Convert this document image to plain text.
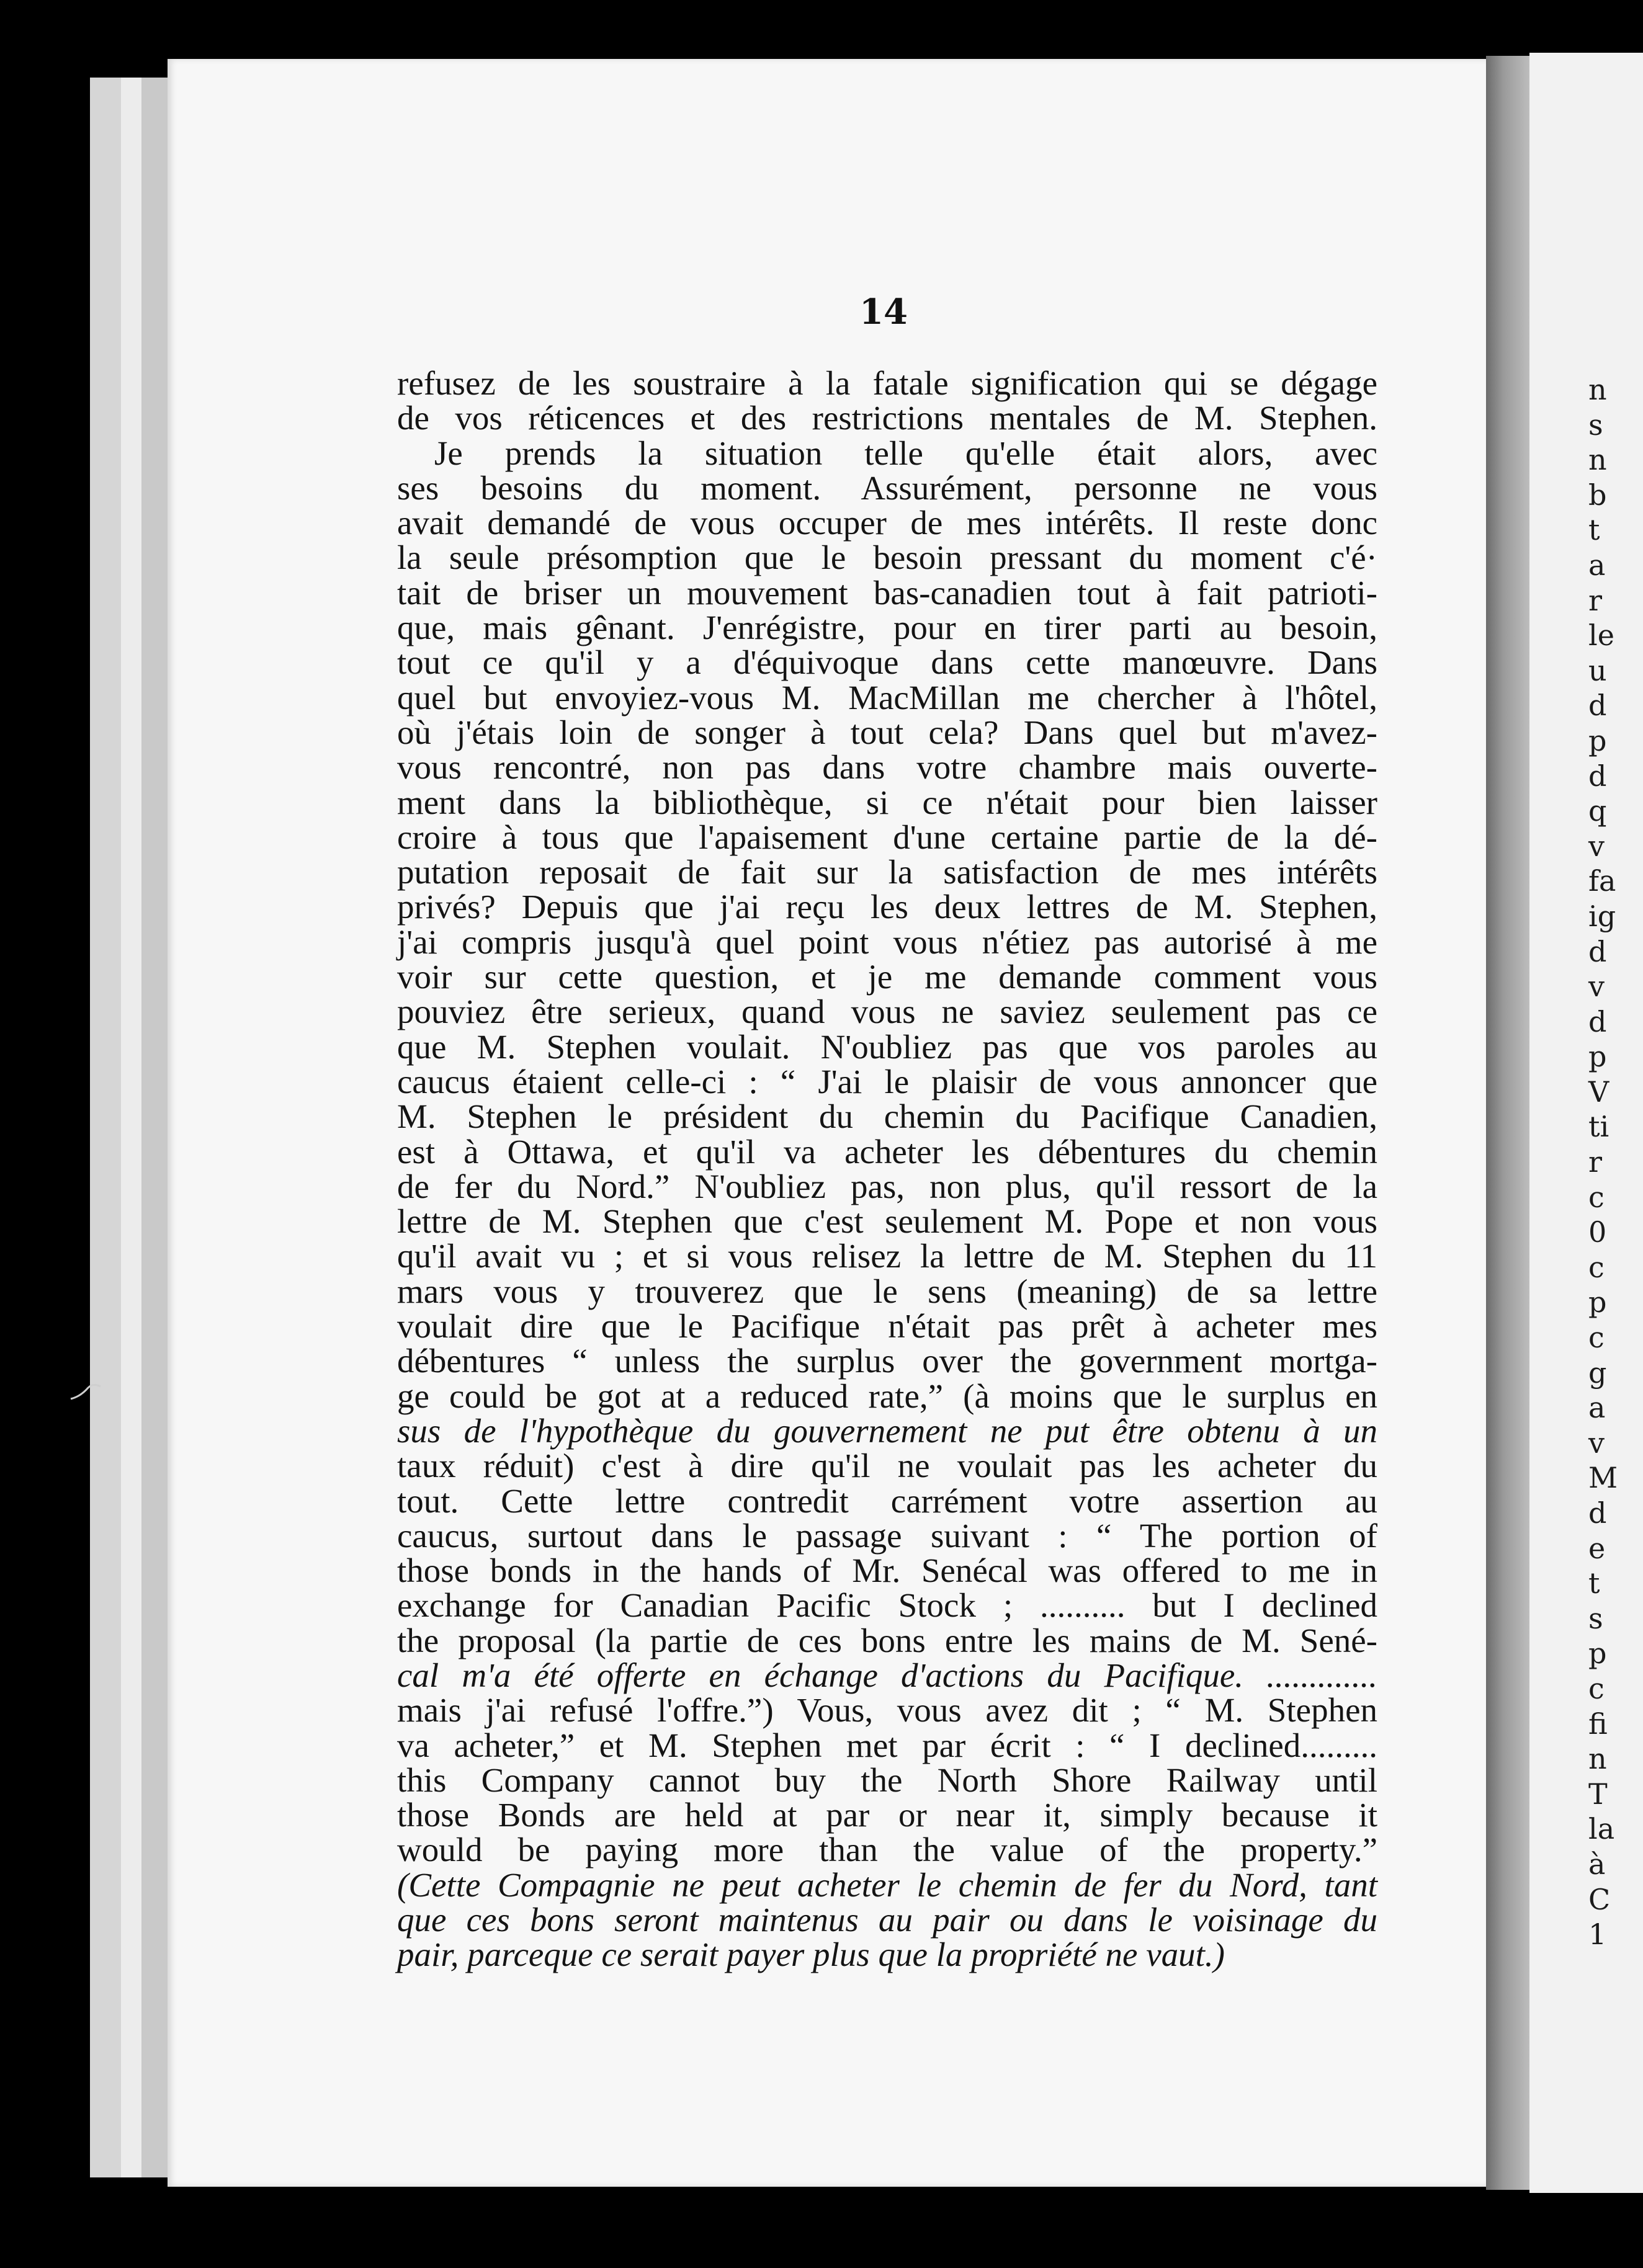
n
s
n
b
t
a
r
le
u
d
p
d
q
v
fa
ig
d
v
d
p
V
ti
r
c
0
c
p
c
g
a
v
M
d
e
t
s
p
c
fi
n
T
la
à
C
1
14
refusez de les soustraire à la fatale signification qui se dégage
de vos réticences et des restrictions mentales de M. Stephen.
Je prends la situation telle qu'elle était alors, avec
ses besoins du moment. Assurément, personne ne vous
avait demandé de vous occuper de mes intérêts. Il reste donc
la seule présomption que le besoin pressant du moment c'é·
tait de briser un mouvement bas-canadien tout à fait patrioti-
que, mais gênant. J'enrégistre, pour en tirer parti au besoin,
tout ce qu'il y a d'équivoque dans cette manœuvre. Dans
quel but envoyiez-vous M. MacMillan me chercher à l'hôtel,
où j'étais loin de songer à tout cela? Dans quel but m'avez-
vous rencontré, non pas dans votre chambre mais ouverte-
ment dans la bibliothèque, si ce n'était pour bien laisser
croire à tous que l'apaisement d'une certaine partie de la dé-
putation reposait de fait sur la satisfaction de mes intérêts
privés? Depuis que j'ai reçu les deux lettres de M. Stephen,
j'ai compris jusqu'à quel point vous n'étiez pas autorisé à me
voir sur cette question, et je me demande comment vous
pouviez être serieux, quand vous ne saviez seulement pas ce
que M. Stephen voulait. N'oubliez pas que vos paroles au
caucus étaient celle-ci : “ J'ai le plaisir de vous annoncer que
M. Stephen le président du chemin du Pacifique Canadien,
est à Ottawa, et qu'il va acheter les débentures du chemin
de fer du Nord.” N'oubliez pas, non plus, qu'il ressort de la
lettre de M. Stephen que c'est seulement M. Pope et non vous
qu'il avait vu ; et si vous relisez la lettre de M. Stephen du 11
mars vous y trouverez que le sens (meaning) de sa lettre
voulait dire que le Pacifique n'était pas prêt à acheter mes
débentures “ unless the surplus over the government mortga-
ge could be got at a reduced rate,” (à moins que le surplus en
sus de l'hypothèque du gouvernement ne put être obtenu à un
taux réduit) c'est à dire qu'il ne voulait pas les acheter du
tout. Cette lettre contredit carrément votre assertion au
caucus, surtout dans le passage suivant : “ The portion of
those bonds in the hands of Mr. Senécal was offered to me in
exchange for Canadian Pacific Stock ; .......... but I declined
the proposal (la partie de ces bons entre les mains de M. Sené-
cal m'a été offerte en échange d'actions du Pacifique. .............
mais j'ai refusé l'offre.”) Vous, vous avez dit ; “ M. Stephen
va acheter,” et M. Stephen met par écrit : “ I declined.........
this Company cannot buy the North Shore Railway until
those Bonds are held at par or near it, simply because it
would be paying more than the value of the property.”
(Cette Compagnie ne peut acheter le chemin de fer du Nord, tant
que ces bons seront maintenus au pair ou dans le voisinage du
pair, parceque ce serait payer plus que la propriété ne vaut.)
